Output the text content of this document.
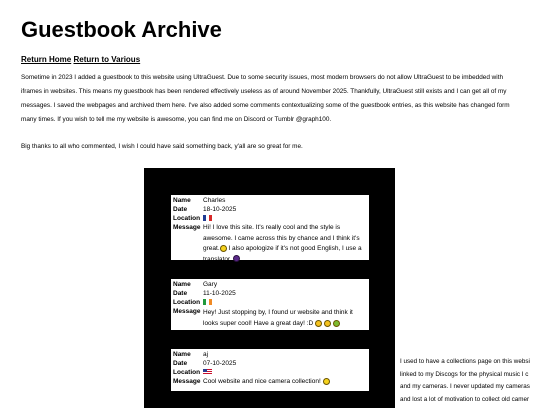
Guestbook Archive
Return Home Return to Various

Sometime in 2023 I added a guestbook to this website using UltraGuest. Due to some security issues, most modern browsers do not allow UltraGuest to be imbedded with iframes in websites. This means my guestbook has been rendered effectively useless as of around November 2025. Thankfully, UltraGuest still exists and I can get all of my messages. I saved the webpages and archived them here. I've also added some comments contextualizing some of the guestbook entries, as this website has changed form many times. If you wish to tell me my website is awesome, you can find me on Discord or Tumblr @graph100.

Big thanks to all who commented, I wish I could have said something back, y'all are so great for me.

Name	Charles
Date	18-10-2025
Location	
Message	Hi! I love this site. It's really cool and the style is awesome. I came across this by chance and I think it's great. I also apologize if it's not good English, I use a translator.
Name	Gary
Date	11-10-2025
Location	
Message	Hey! Just stopping by, I found ur website and think it looks super cool! Have a great day! :D
Name	aj
Date	07-10-2025
Location	
Message	Cool website and nice camera collection!
I used to have a collections page on this websi
linked to my Discogs for the physical music I c
and my cameras. I never updated my cameras
and lost a lot of motivation to collect old camer
